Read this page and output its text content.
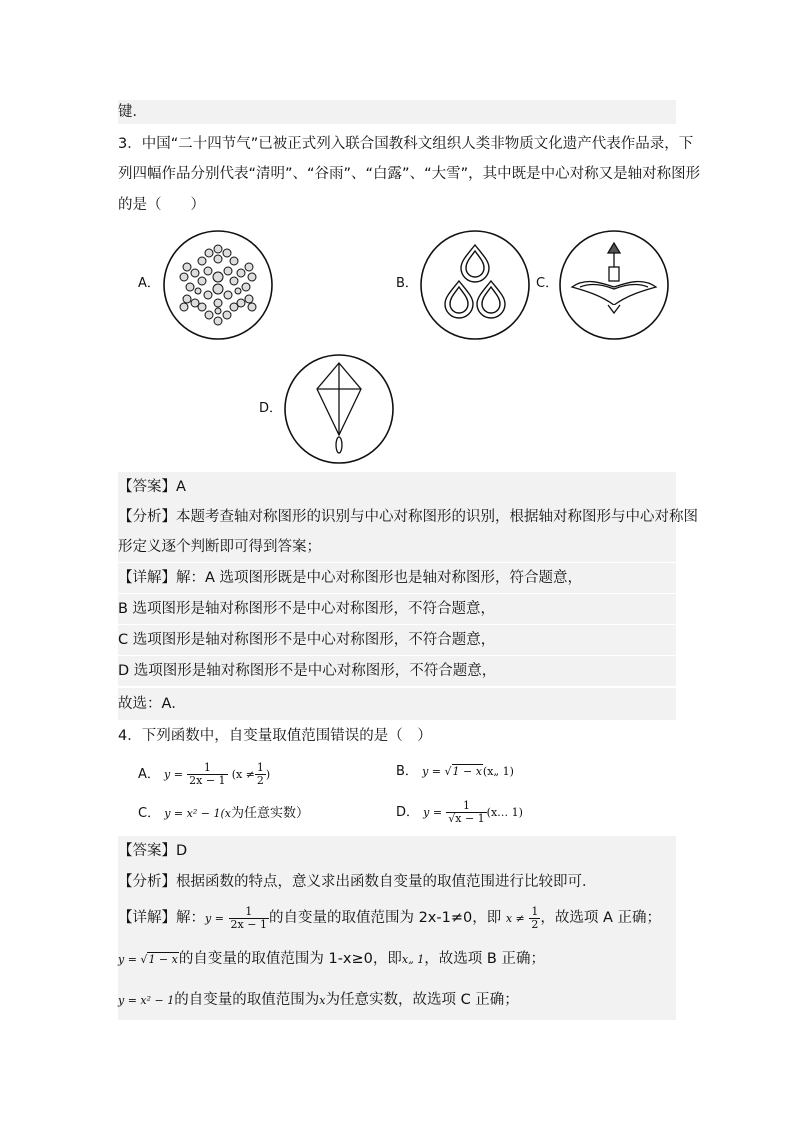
键．
3．中国“二十四节气”已被正式列入联合国教科文组织人类非物质文化遗产代表作品录，下
列四幅作品分别代表“清明”、“谷雨”、“白露”、“大雪”，其中既是中心对称又是轴对称图形
的是（　　）
A．	B．	C．
D．
【答案】A
【分析】本题考查轴对称图形的识别与中心对称图形的识别，根据轴对称图形与中心对称图
形定义逐个判断即可得到答案；
【详解】解：A 选项图形既是中心对称图形也是轴对称图形，符合题意，
B 选项图形是轴对称图形不是中心对称图形，不符合题意，
C 选项图形是轴对称图形不是中心对称图形，不符合题意，
D 选项图形是轴对称图形不是中心对称图形，不符合题意，
故选：A．
4．下列函数中，自变量取值范围错误的是（　）
A． $y = \frac{1}{2x - 1} (x \ne \frac{1}{2}$ )	B． y = √1 − x(x„ 1)
C． y = x² − 1(x为任意实数）	D． $y = \frac{1}{√x - 1}$ (x… 1)
【答案】D
【分析】根据函数的特点，意义求出函数自变量的取值范围进行比较即可．
【详解】解：$y = \frac{1}{2x - 1}$ 的自变量的取值范围为 2x-1≠0，即 $x \ne \frac{1}{2}$ ，故选项 A 正确；
y = √1 − x的自变量的取值范围为 1-x≥0，即x„ 1，故选项 B 正确；
y = x² − 1的自变量的取值范围为x为任意实数，故选项 C 正确；
